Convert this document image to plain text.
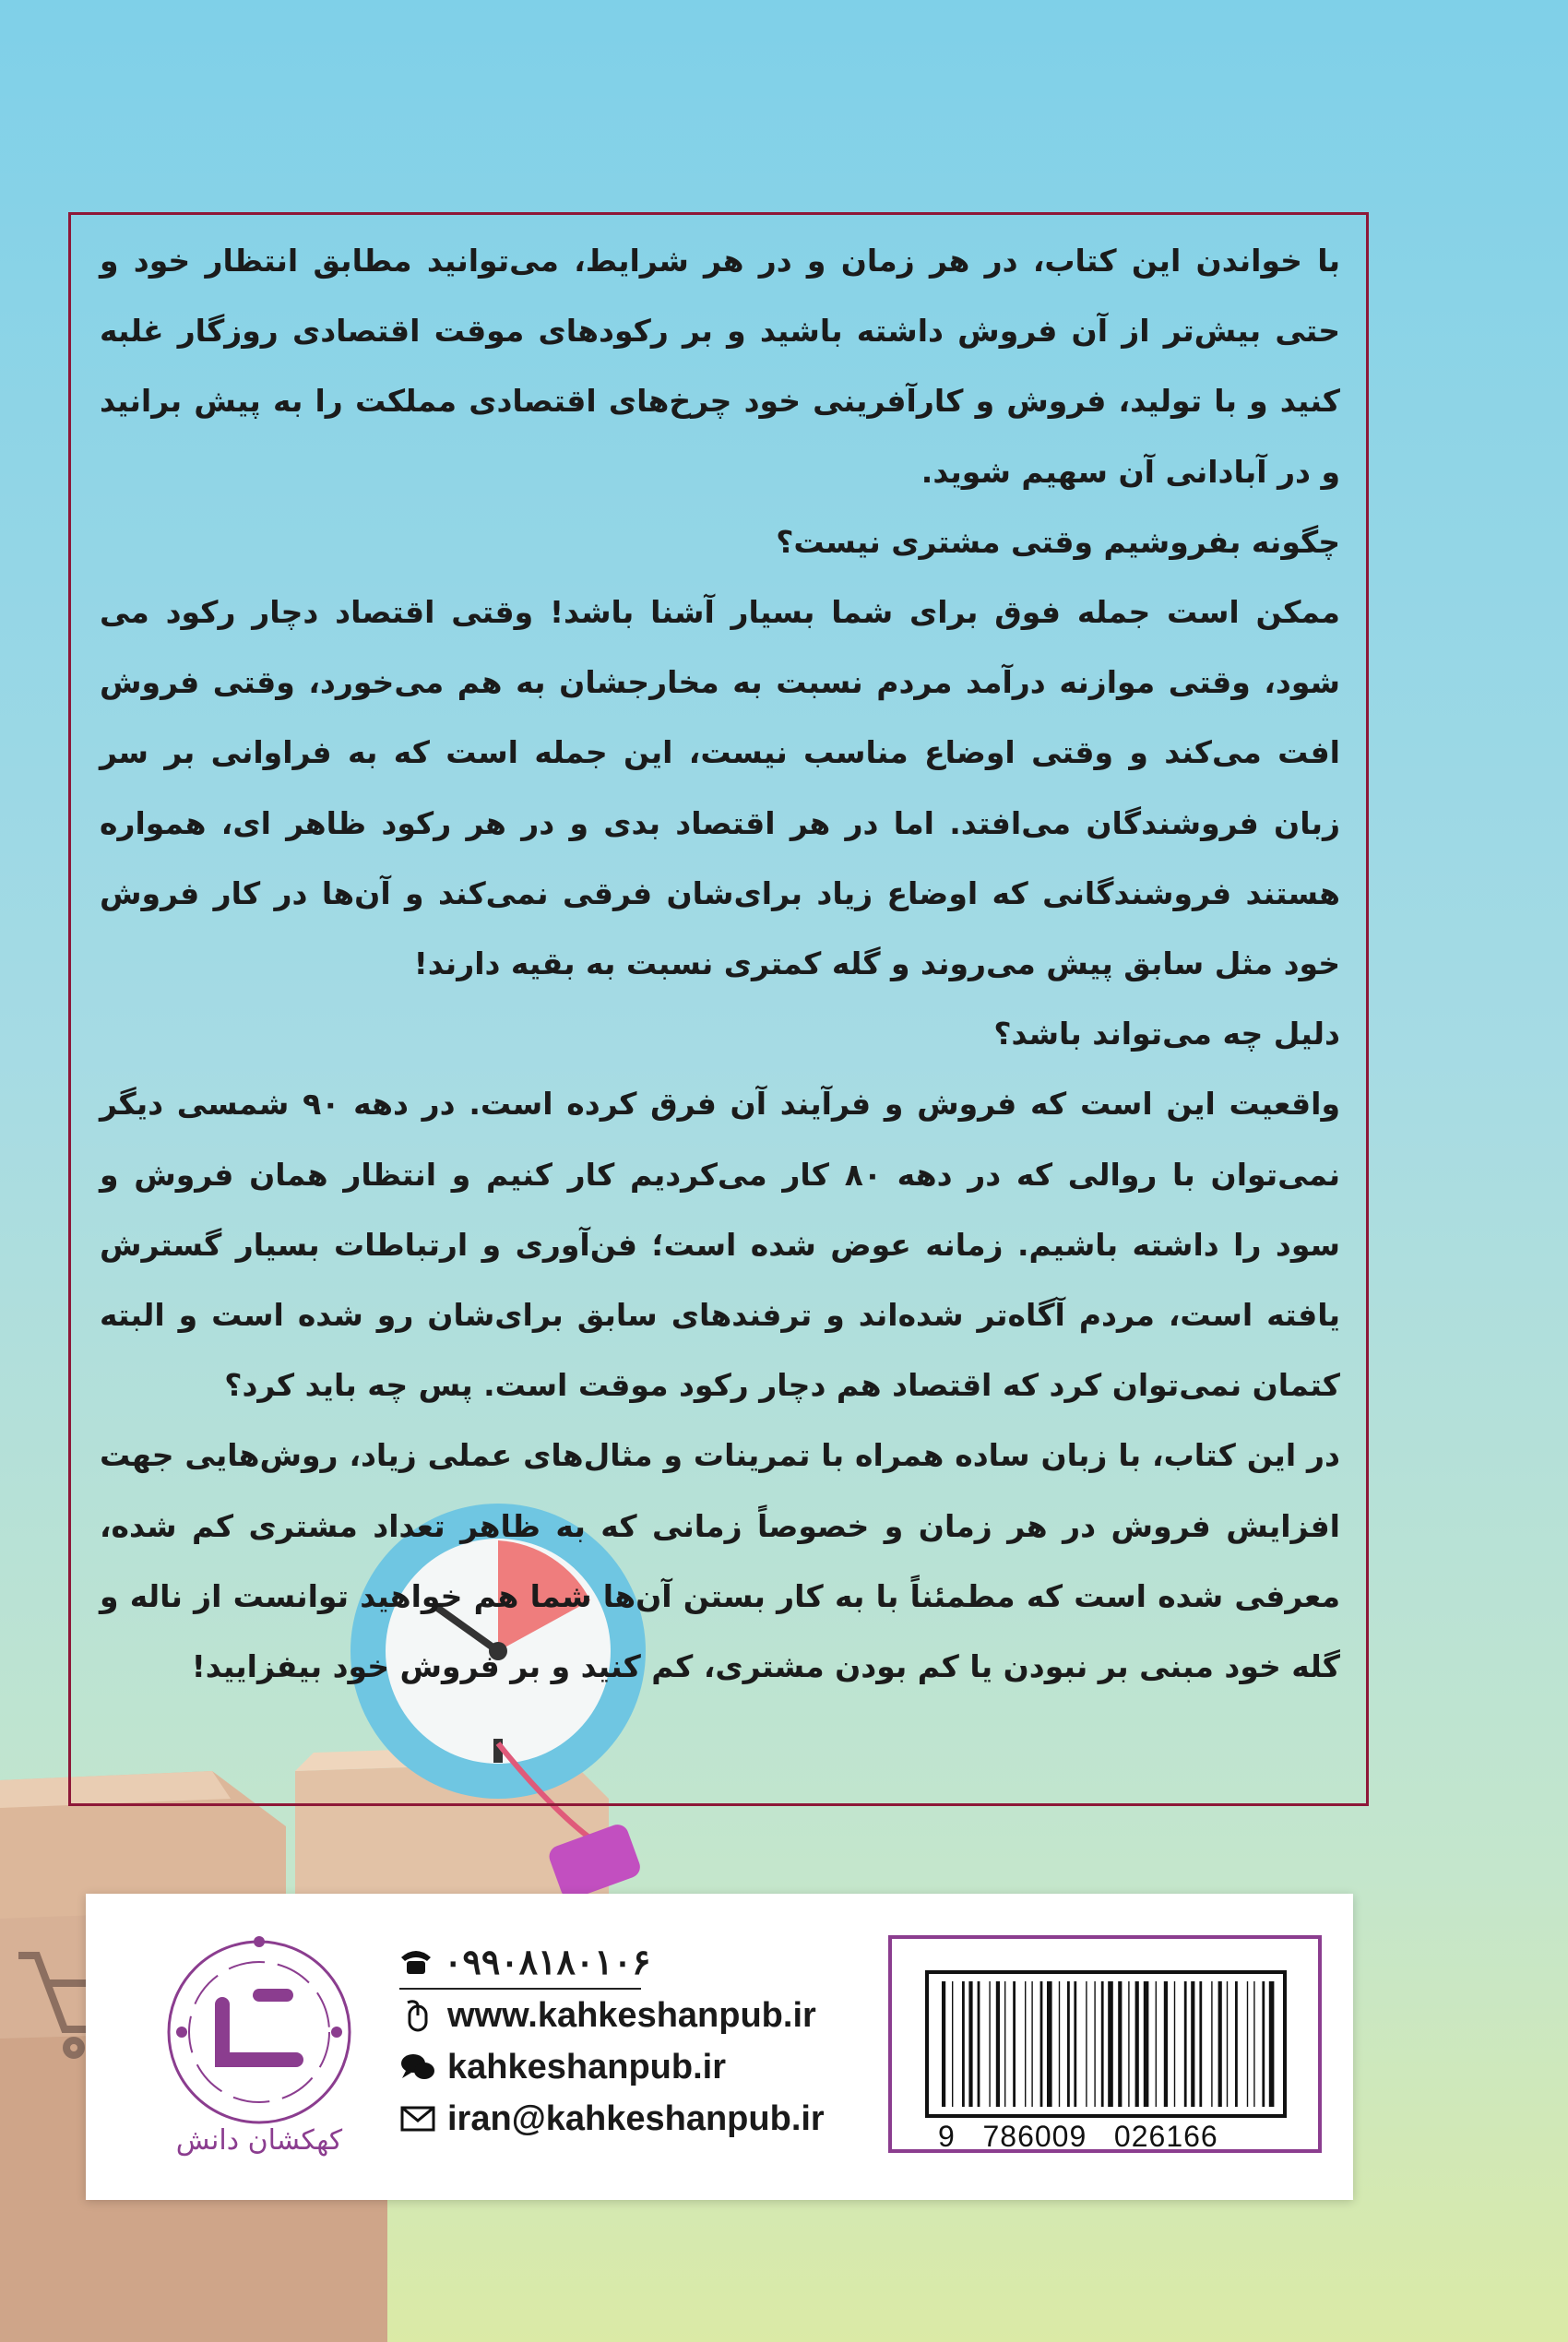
با خواندن این کتاب، در هر زمان و در هر شرایط، می‌توانید مطابق انتظار خود و حتی بیش‌تر از آن فروش داشته باشید و بر رکودهای موقت اقتصادی روزگار غلبه کنید و با تولید، فروش و کارآفرینی خود چرخ‌های اقتصادی مملکت را به پیش برانید و در آبادانی آن سهیم شوید.

چگونه بفروشیم وقتی مشتری نیست؟

ممکن است جمله فوق برای شما بسیار آشنا باشد! وقتی اقتصاد دچار رکود می شود، وقتی موازنه درآمد مردم نسبت به مخارجشان به هم می‌خورد، وقتی فروش افت می‌کند و وقتی اوضاع مناسب نیست، این جمله است که به فراوانی بر سر زبان فروشندگان می‌افتد. اما در هر اقتصاد بدی و در هر رکود ظاهر ای، همواره هستند فروشندگانی که اوضاع زیاد برای‌شان فرقی نمی‌کند و آن‌ها در کار فروش خود مثل سابق پیش می‌روند و گله کمتری نسبت به بقیه دارند!

دلیل چه می‌تواند باشد؟

واقعیت این است که فروش و فرآیند آن فرق کرده است. در دهه ۹۰ شمسی دیگر نمی‌توان با روالی که در دهه ۸۰ کار می‌کردیم کار کنیم و انتظار همان فروش و سود را داشته باشیم. زمانه عوض شده است؛ فن‌آوری و ارتباطات بسیار گسترش یافته است، مردم آگاه‌تر شده‌اند و ترفندهای سابق برای‌شان رو شده است و البته کتمان نمی‌توان کرد که اقتصاد هم دچار رکود موقت است. پس چه باید کرد؟

در این کتاب، با زبان ساده همراه با تمرینات و مثال‌های عملی زیاد، روش‌هایی جهت افزایش فروش در هر زمان و خصوصاً زمانی که به ظاهر تعداد مشتری کم شده، معرفی شده است که مطمئناً با به کار بستن آن‌ها شما هم خواهید توانست از ناله و گله خود مبنی بر نبودن یا کم بودن مشتری، کم کنید و بر فروش خود بیفزایید!

کهکشان دانش
۰۹۹۰۸۱۸۰۱۰۶
www.kahkeshanpub.ir
kahkeshanpub.ir
iran@kahkeshanpub.ir	9   786009   026166
